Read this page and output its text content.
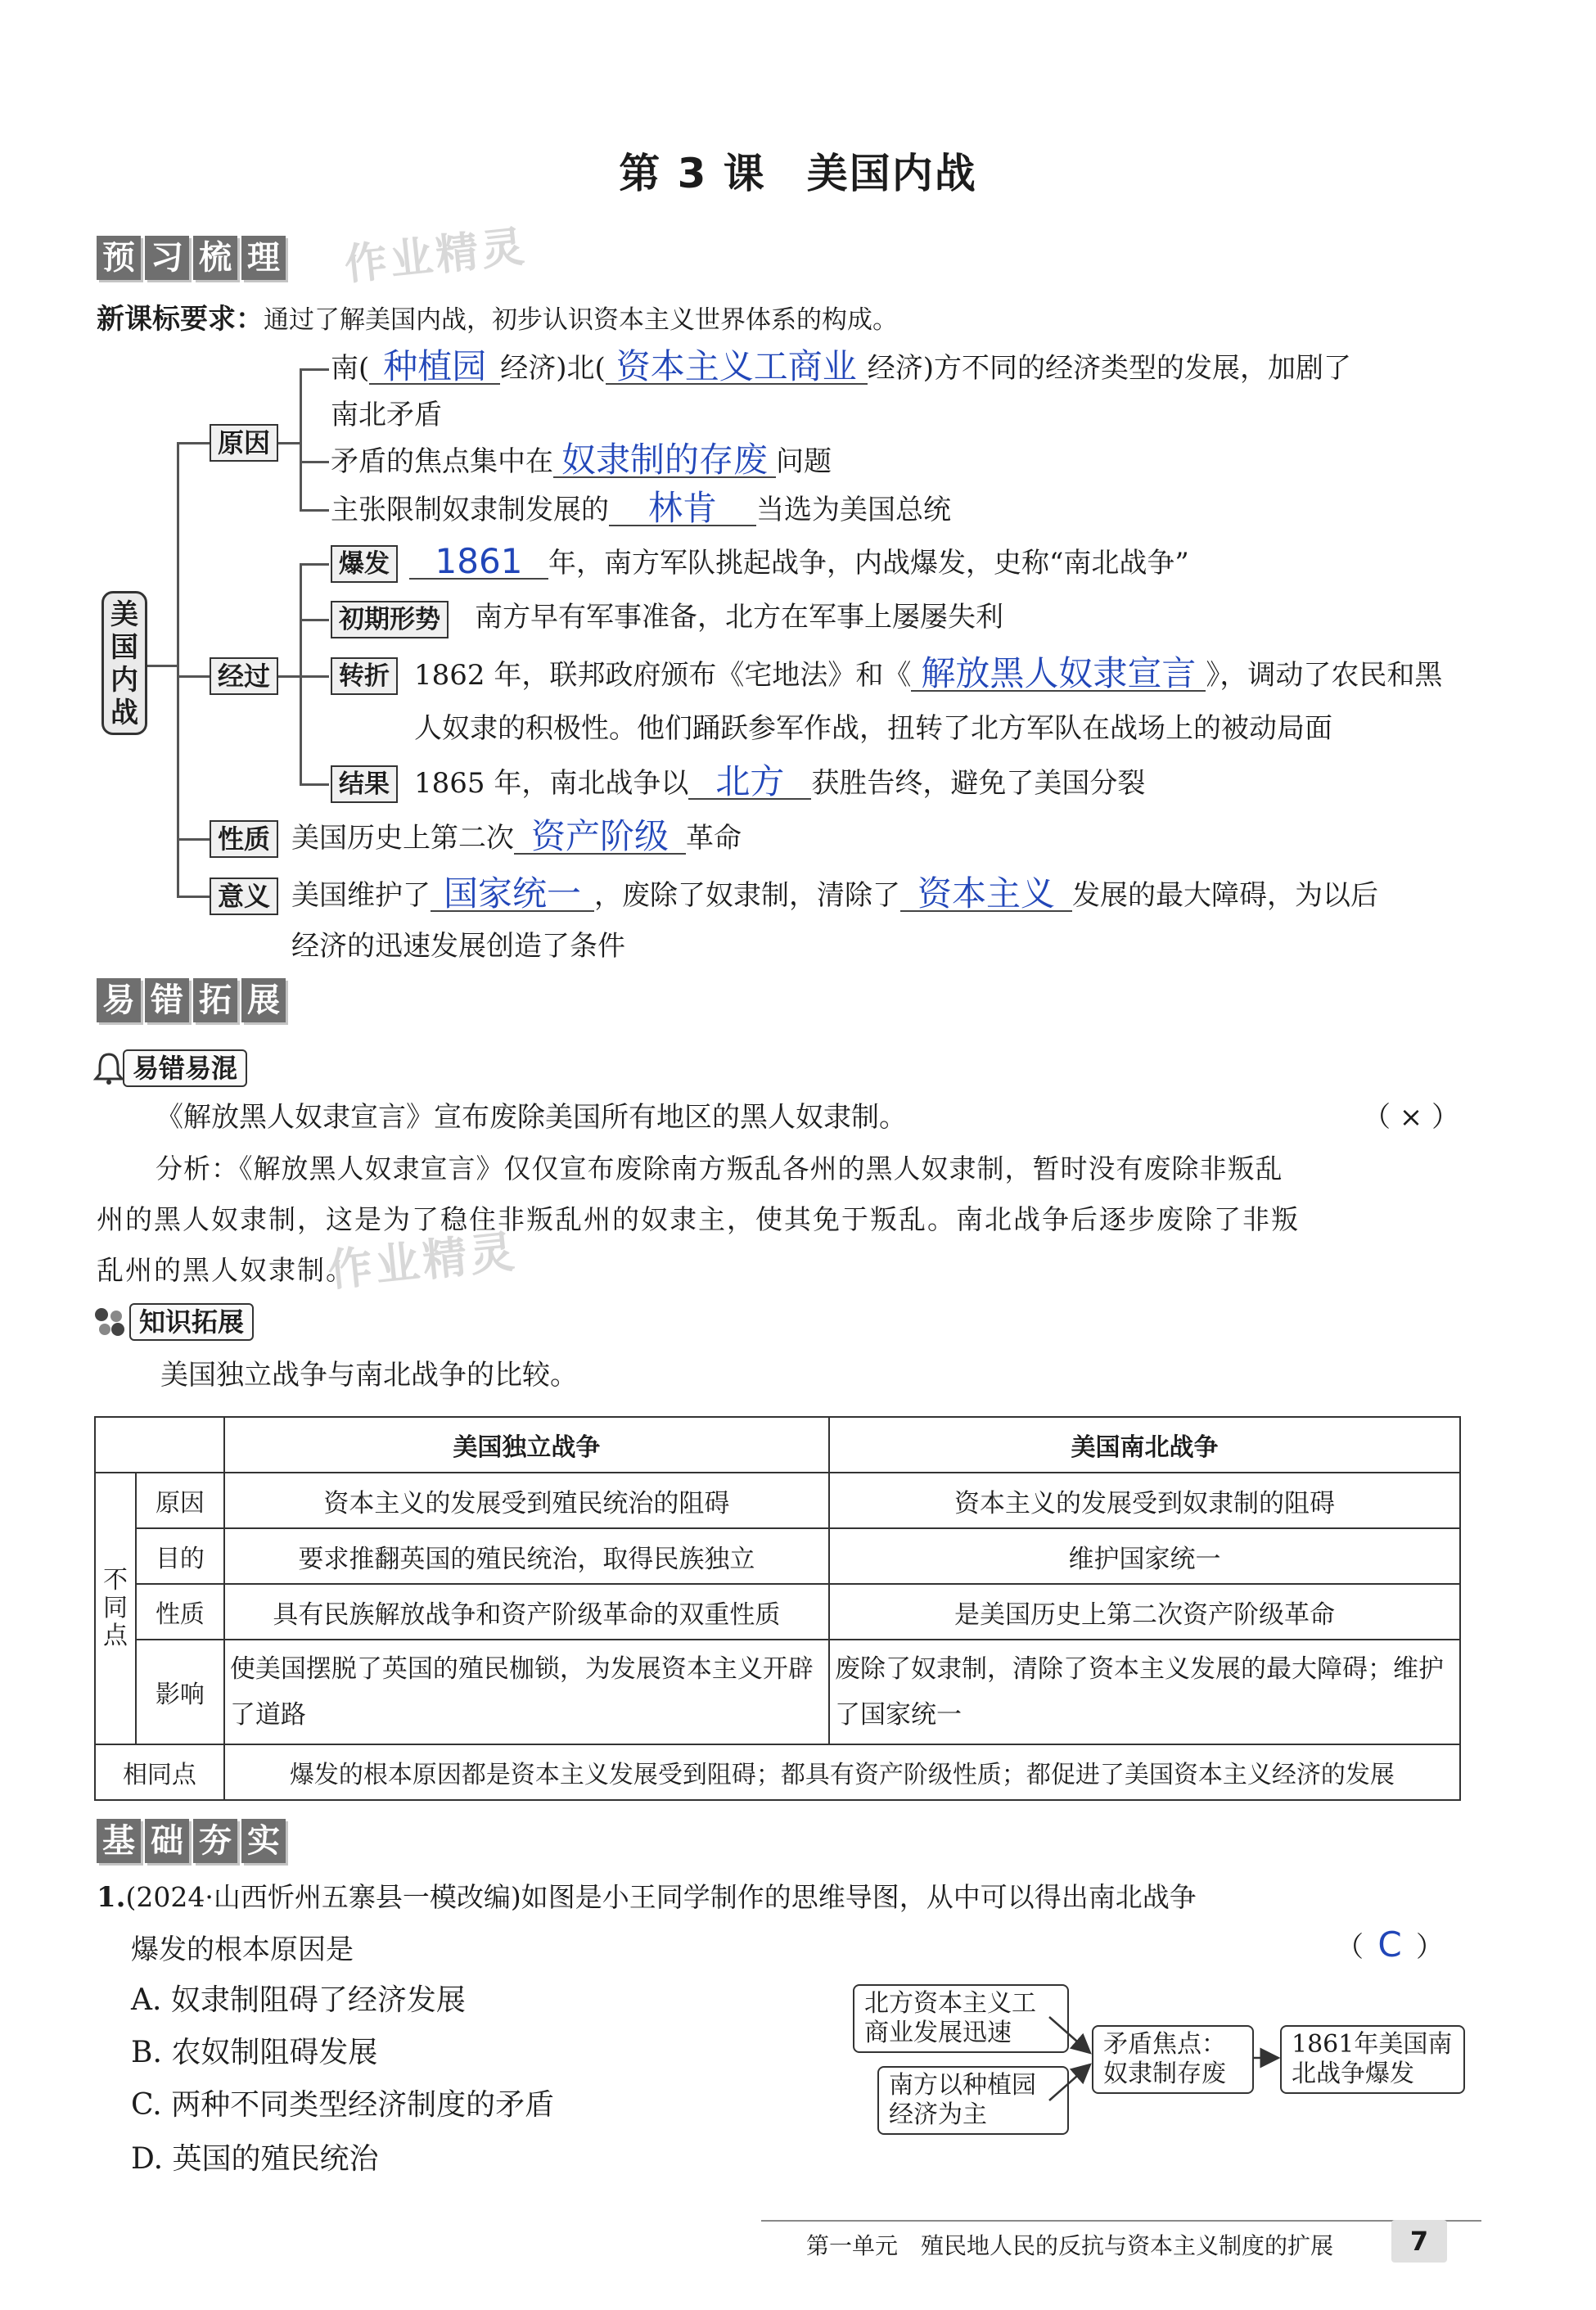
第 3 课 美国内战
预 习 梳 理 作业精灵
新课标要求：通过了解美国内战，初步认识资本主义世界体系的构成。
美国内战
原因
经过
性质
意义
南( 种植园 经济)北( 资本主义工商业 经济)方不同的经济类型的发展，加剧了
南北矛盾
矛盾的焦点集中在 奴隶制的存废 问题
主张限制奴隶制发展的 林肯 当选为美国总统
爆发	1861 年，南方军队挑起战争，内战爆发，史称“南北战争”
初期形势 南方早有军事准备，北方在军事上屡屡失利
转折 1862 年，联邦政府颁布《宅地法》和《 解放黑人奴隶宣言 》，调动了农民和黑
人奴隶的积极性。他们踊跃参军作战，扭转了北方军队在战场上的被动局面
结果 1865 年，南北战争以 北方 获胜告终，避免了美国分裂
美国历史上第二次 资产阶级 革命
美国维护了 国家统一 ，废除了奴隶制，清除了 资本主义 发展的最大障碍，为以后
经济的迅速发展创造了条件
易 错 拓 展
易错易混
《解放黑人奴隶宣言》宣布废除美国所有地区的黑人奴隶制。	（ × ）
分析：《解放黑人奴隶宣言》仅仅宣布废除南方叛乱各州的黑人奴隶制，暂时没有废除非叛乱
州的黑人奴隶制，这是为了稳住非叛乱州的奴隶主，使其免于叛乱。南北战争后逐步废除了非叛
乱州的黑人奴隶制。
作业精灵
知识拓展
美国独立战争与南北战争的比较。
		美国独立战争	美国南北战争
不同点	原因	资本主义的发展受到殖民统治的阻碍	资本主义的发展受到奴隶制的阻碍
	目的	要求推翻英国的殖民统治，取得民族独立	维护国家统一
	性质	具有民族解放战争和资产阶级革命的双重性质	是美国历史上第二次资产阶级革命
	影响	使美国摆脱了英国的殖民枷锁，为发展资本主义开辟了道路	废除了奴隶制，清除了资本主义发展的最大障碍；维护了国家统一
相同点		爆发的根本原因都是资本主义发展受到阻碍；都具有资产阶级性质；都促进了美国资本主义经济的发展	
基 础 夯 实
1.(2024·山西忻州五寨县一模改编)如图是小王同学制作的思维导图，从中可以得出南北战争
爆发的根本原因是	（ C ）
A. 奴隶制阻碍了经济发展
B. 农奴制阻碍发展
C. 两种不同类型经济制度的矛盾
D. 英国的殖民统治
北方资本主义工商业发展迅速
南方以种植园经济为主
矛盾焦点：奴隶制存废
1861年美国南北战争爆发
第一单元　殖民地人民的反抗与资本主义制度的扩展	7
